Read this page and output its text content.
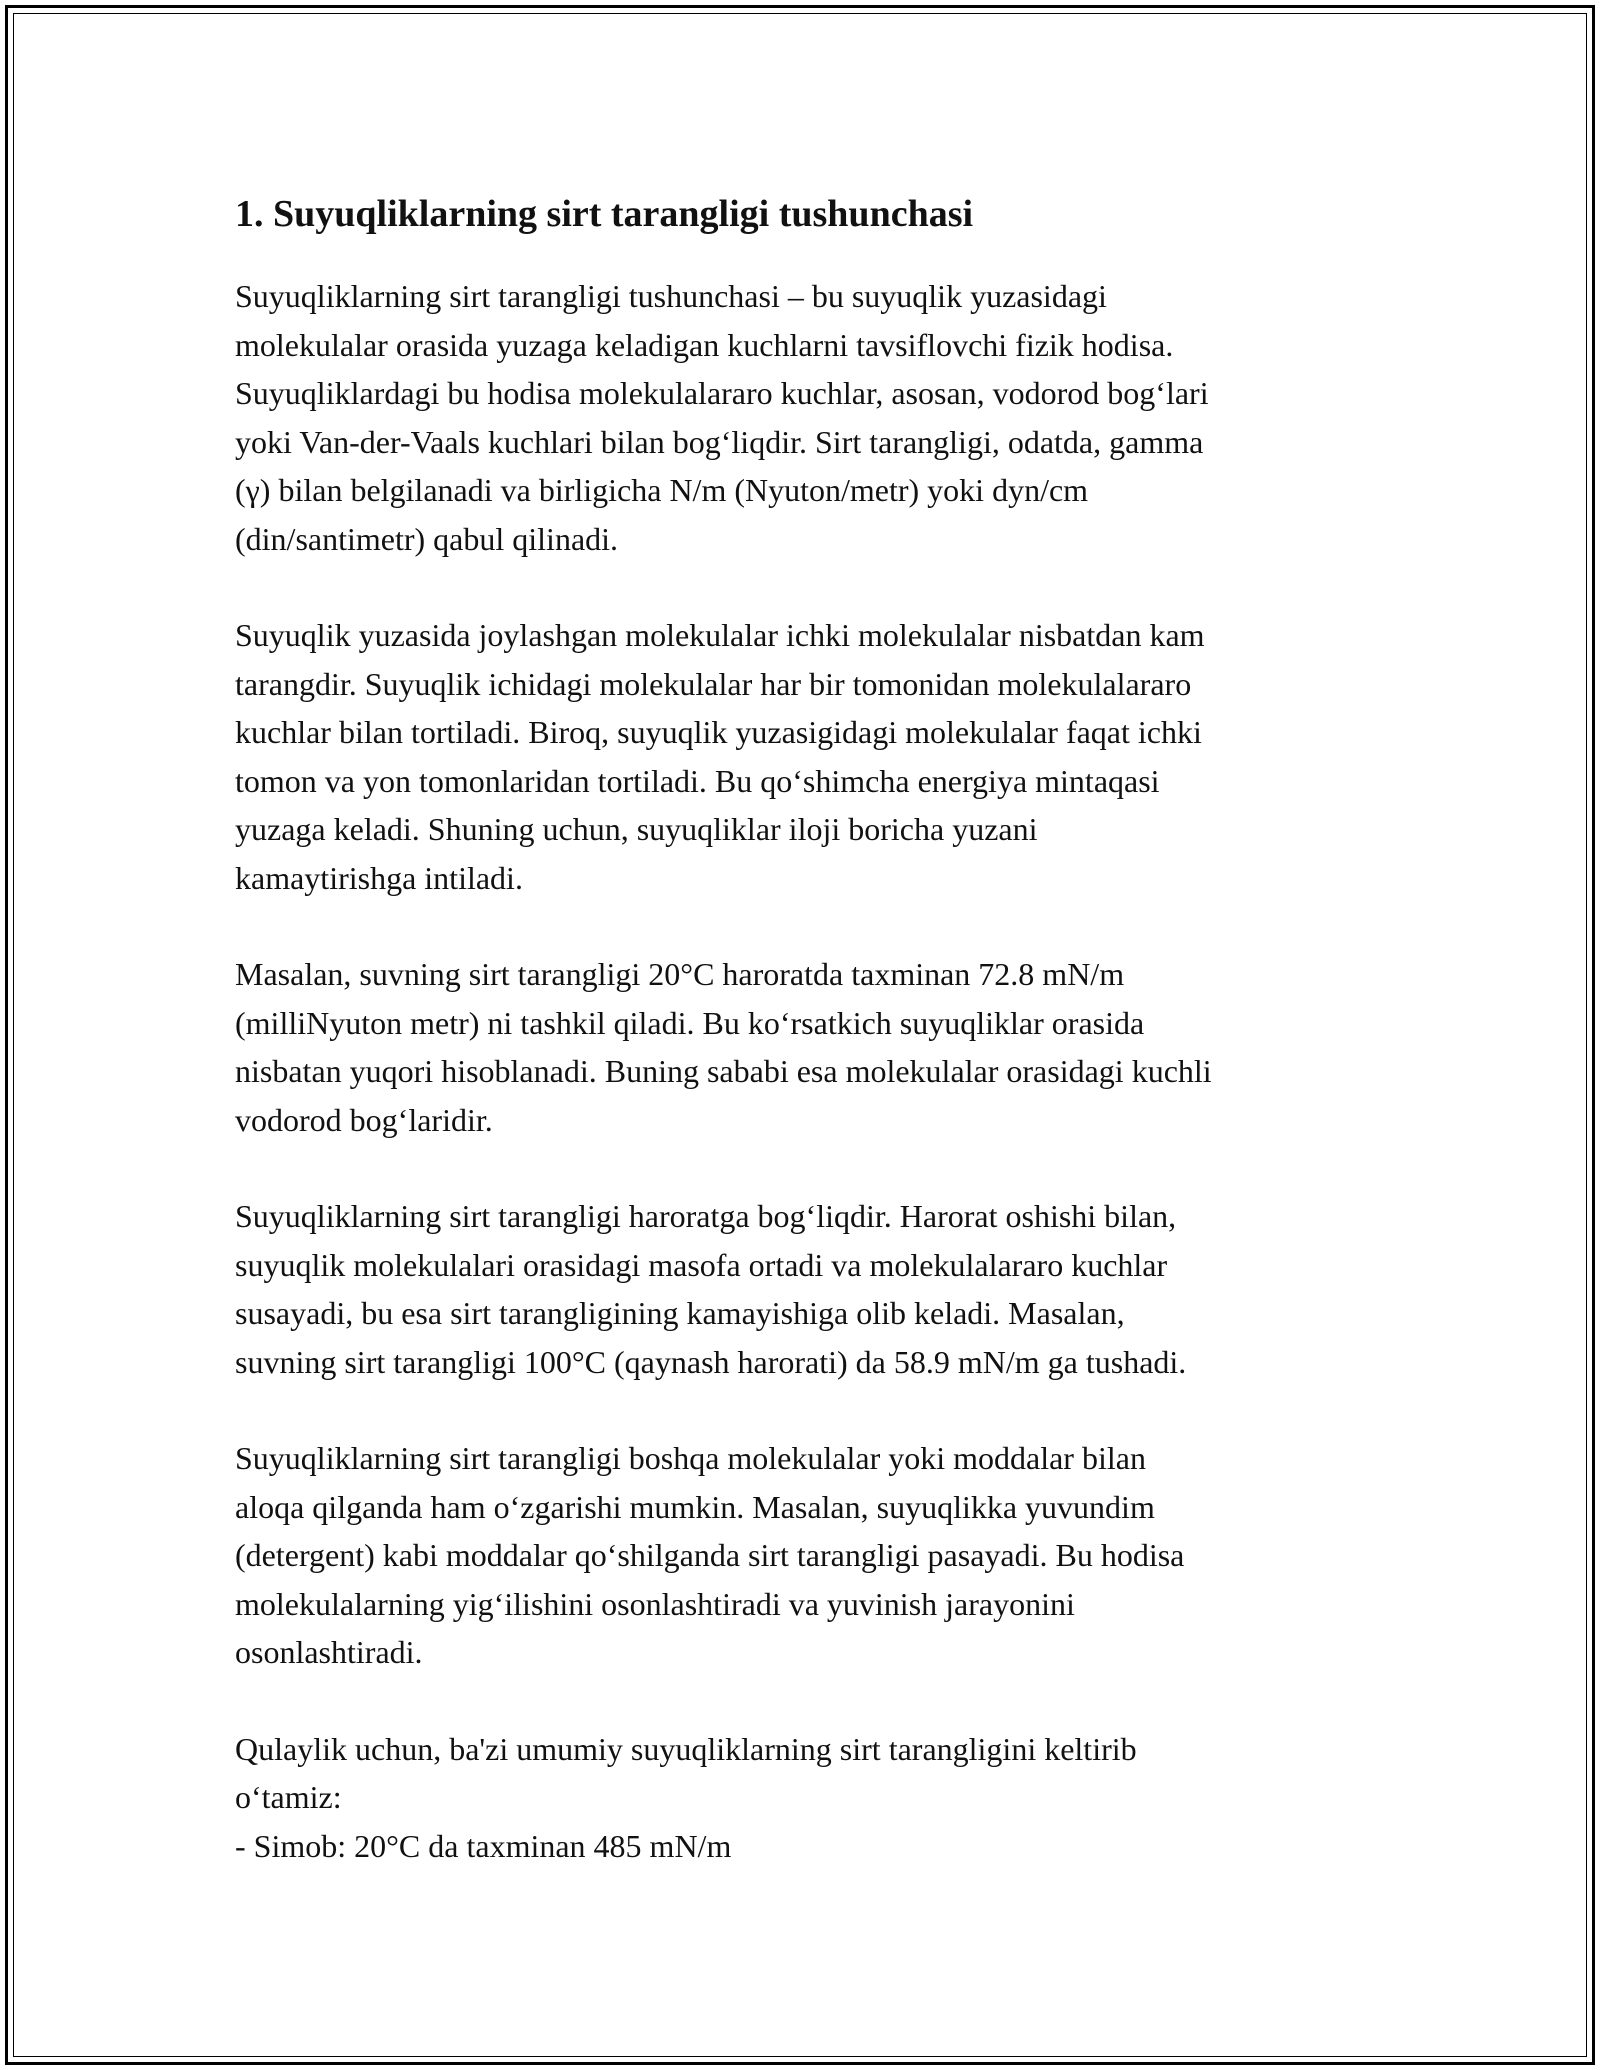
1. Suyuqliklarning sirt tarangligi tushunchasi

Suyuqliklarning sirt tarangligi tushunchasi – bu suyuqlik yuzasidagi
molekulalar orasida yuzaga keladigan kuchlarni tavsiflovchi fizik hodisa.
Suyuqliklardagi bu hodisa molekulalararo kuchlar, asosan, vodorod bog‘lari
yoki Van-der-Vaals kuchlari bilan bog‘liqdir. Sirt tarangligi, odatda, gamma
(γ) bilan belgilanadi va birligicha N/m (Nyuton/metr) yoki dyn/cm
(din/santimetr) qabul qilinadi.

Suyuqlik yuzasida joylashgan molekulalar ichki molekulalar nisbatdan kam
tarangdir. Suyuqlik ichidagi molekulalar har bir tomonidan molekulalararo
kuchlar bilan tortiladi. Biroq, suyuqlik yuzasigidagi molekulalar faqat ichki
tomon va yon tomonlaridan tortiladi. Bu qo‘shimcha energiya mintaqasi
yuzaga keladi. Shuning uchun, suyuqliklar iloji boricha yuzani
kamaytirishga intiladi.

Masalan, suvning sirt tarangligi 20°C haroratda taxminan 72.8 mN/m
(milliNyuton metr) ni tashkil qiladi. Bu ko‘rsatkich suyuqliklar orasida
nisbatan yuqori hisoblanadi. Buning sababi esa molekulalar orasidagi kuchli
vodorod bog‘laridir.

Suyuqliklarning sirt tarangligi haroratga bog‘liqdir. Harorat oshishi bilan,
suyuqlik molekulalari orasidagi masofa ortadi va molekulalararo kuchlar
susayadi, bu esa sirt tarangligining kamayishiga olib keladi. Masalan,
suvning sirt tarangligi 100°C (qaynash harorati) da 58.9 mN/m ga tushadi.

Suyuqliklarning sirt tarangligi boshqa molekulalar yoki moddalar bilan
aloqa qilganda ham o‘zgarishi mumkin. Masalan, suyuqlikka yuvundim
(detergent) kabi moddalar qo‘shilganda sirt tarangligi pasayadi. Bu hodisa
molekulalarning yig‘ilishini osonlashtiradi va yuvinish jarayonini
osonlashtiradi.

Qulaylik uchun, ba'zi umumiy suyuqliklarning sirt tarangligini keltirib
o‘tamiz:

- Simob: 20°C da taxminan 485 mN/m
